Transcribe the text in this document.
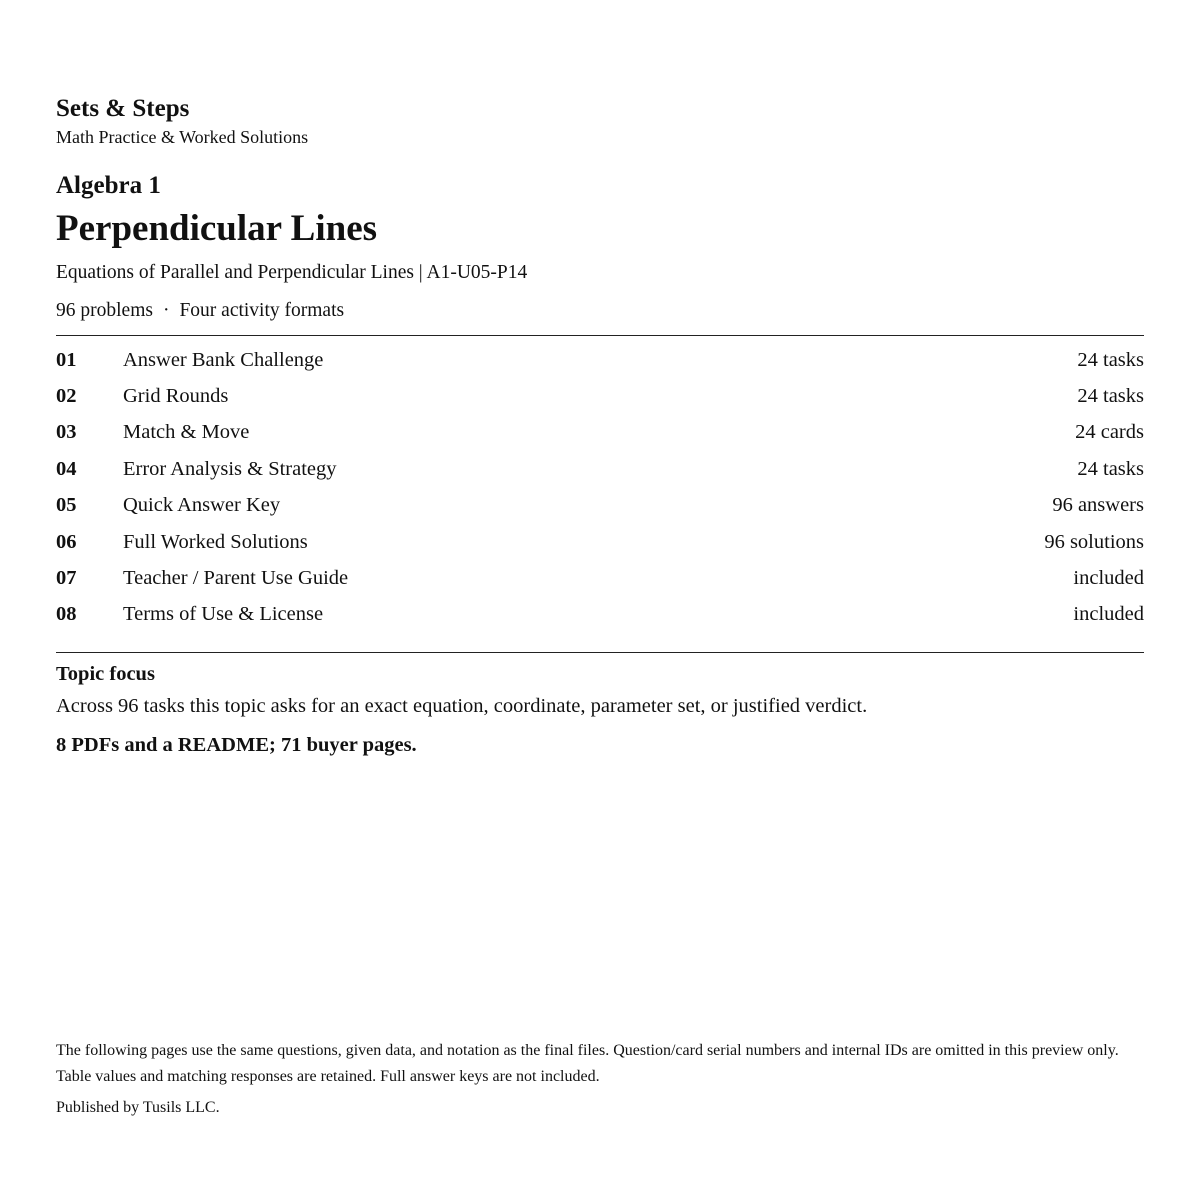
Sets & Steps
Math Practice & Worked Solutions
Algebra 1
Perpendicular Lines
Equations of Parallel and Perpendicular Lines | A1-U05-P14
96 problems · Four activity formats
01	Answer Bank Challenge	24 tasks
02	Grid Rounds	24 tasks
03	Match & Move	24 cards
04	Error Analysis & Strategy	24 tasks
05	Quick Answer Key	96 answers
06	Full Worked Solutions	96 solutions
07	Teacher / Parent Use Guide	included
08	Terms of Use & License	included
Topic focus
Across 96 tasks this topic asks for an exact equation, coordinate, parameter set, or justified verdict.
8 PDFs and a README; 71 buyer pages.
The following pages use the same questions, given data, and notation as the final files. Question/card serial numbers and internal IDs are omitted in this preview only. Table values and matching responses are retained. Full answer keys are not included.
Published by Tusils LLC.
